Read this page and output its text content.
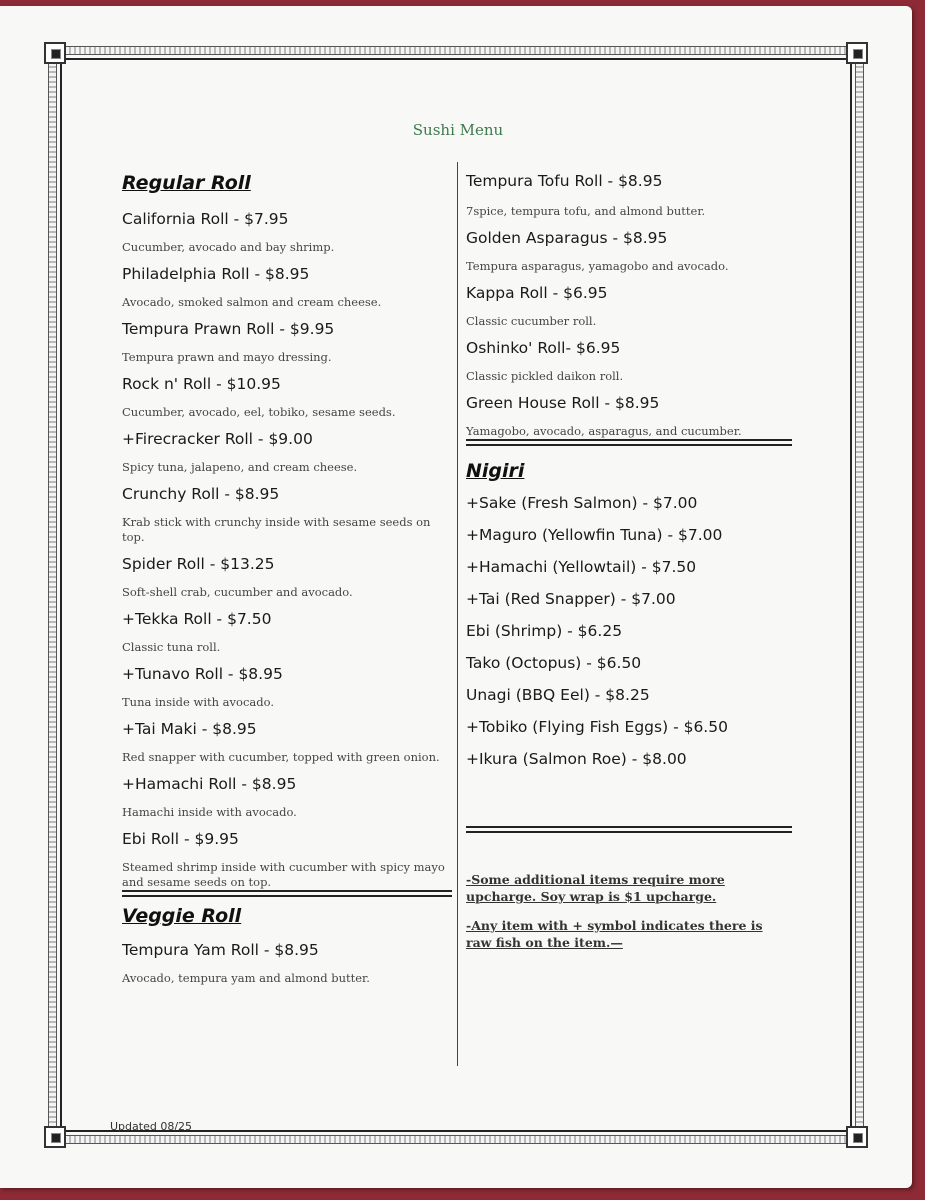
Sushi Menu
Regular Roll

California Roll - $7.95

Cucumber, avocado and bay shrimp.

Philadelphia Roll - $8.95

Avocado, smoked salmon and cream cheese.

Tempura Prawn Roll - $9.95

Tempura prawn and mayo dressing.

Rock n' Roll - $10.95

Cucumber, avocado, eel, tobiko, sesame seeds.

+Firecracker Roll - $9.00

Spicy tuna, jalapeno, and cream cheese.

Crunchy Roll - $8.95

Krab stick with crunchy inside with sesame seeds on top.

Spider Roll - $13.25

Soft-shell crab, cucumber and avocado.

+Tekka Roll - $7.50

Classic tuna roll.

+Tunavo Roll - $8.95

Tuna inside with avocado.

+Tai Maki - $8.95

Red snapper with cucumber, topped with green onion.

+Hamachi Roll - $8.95

Hamachi inside with avocado.

Ebi Roll - $9.95

Steamed shrimp inside with cucumber with spicy mayo and sesame seeds on top.

Veggie Roll

Tempura Yam Roll - $8.95

Avocado, tempura yam and almond butter.

Tempura Tofu Roll - $8.95

7spice, tempura tofu, and almond butter.

Golden Asparagus - $8.95

Tempura asparagus, yamagobo and avocado.

Kappa Roll - $6.95

Classic cucumber roll.

Oshinko' Roll- $6.95

Classic pickled daikon roll.

Green House Roll - $8.95

Yamagobo, avocado, asparagus, and cucumber.

Nigiri

+Sake (Fresh Salmon) - $7.00

+Maguro (Yellowfin Tuna) - $7.00

+Hamachi (Yellowtail) - $7.50

+Tai (Red Snapper) - $7.00

Ebi (Shrimp) - $6.25

Tako (Octopus) - $6.50

Unagi (BBQ Eel) - $8.25

+Tobiko (Flying Fish Eggs) - $6.50

+Ikura (Salmon Roe) - $8.00

-Some additional items require more upcharge. Soy wrap is $1 upcharge.

-Any item with + symbol indicates there is raw fish on the item.—

Updated 08/25
